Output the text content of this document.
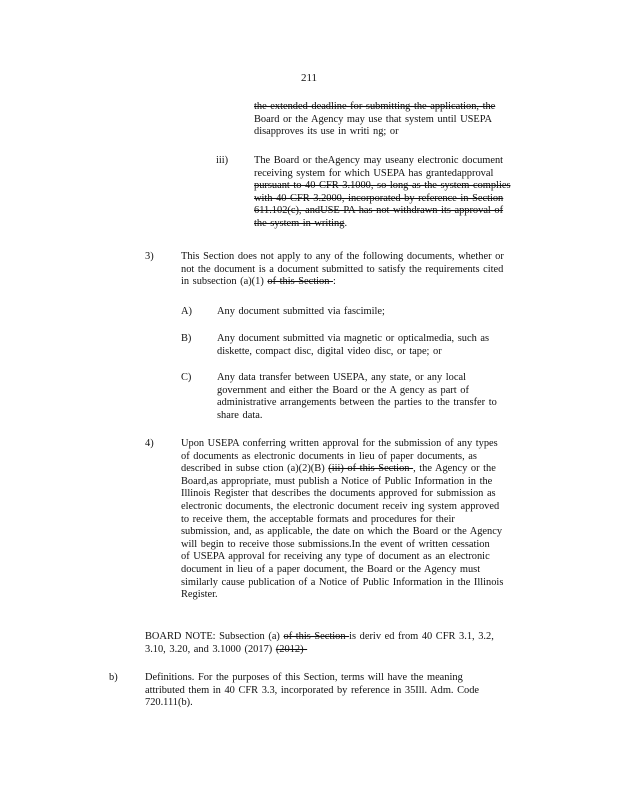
211
the extended deadline for submitting the application, the
Board or the Agency may use that system until USEPA
disapproves its use in writi ng; or
iii) The Board or theAgency may useany electronic document
receiving system for which USEPA has grantedapproval
pursuant to 40 CFR 3.1000, so long as the system complies
with 40 CFR 3.2000, incorporated by reference in Section
611.102(c), andUSE PA has not withdrawn its approval of
the system in writing.
3)	This Section does not apply to any of the following documents, whether or
not the document is a document submitted to satisfy the requirements cited
in subsection (a)(1) of this Section :
A) Any document submitted via fascimile;
B) Any document submitted via magnetic or opticalmedia, such as
diskette, compact disc, digital video disc, or tape; or
C) Any data transfer between USEPA, any state, or any local
government and either the Board or the A gency as part of
administrative arrangements between the parties to the transfer to
share data.
4)	Upon USEPA conferring written approval for the submission of any types
of documents as electronic documents in lieu of paper documents, as
described in subse ction (a)(2)(B) (iii) of this Section , the Agency or the
Board,as appropriate, must publish a Notice of Public Information in the
Illinois Register that describes the documents approved for submission as
electronic documents, the electronic document receiv ing system approved
to receive them, the acceptable formats and procedures for their
submission, and, as applicable, the date on which the Board or the Agency
will begin to receive those submissions.In the event of written cessation
of USEPA approval for receiving any type of document as an electronic
document in lieu of a paper document, the Board or the Agency must
similarly cause publication of a Notice of Public Information in the Illinois
Register.
BOARD NOTE: Subsection (a) of this Section is deriv ed from 40 CFR 3.1, 3.2,
3.10, 3.20, and 3.1000 (2017) (2012)
b)	Definitions. For the purposes of this Section, terms will have the meaning
attributed them in 40 CFR 3.3, incorporated by reference in 35Ill. Adm. Code
720.111(b).
